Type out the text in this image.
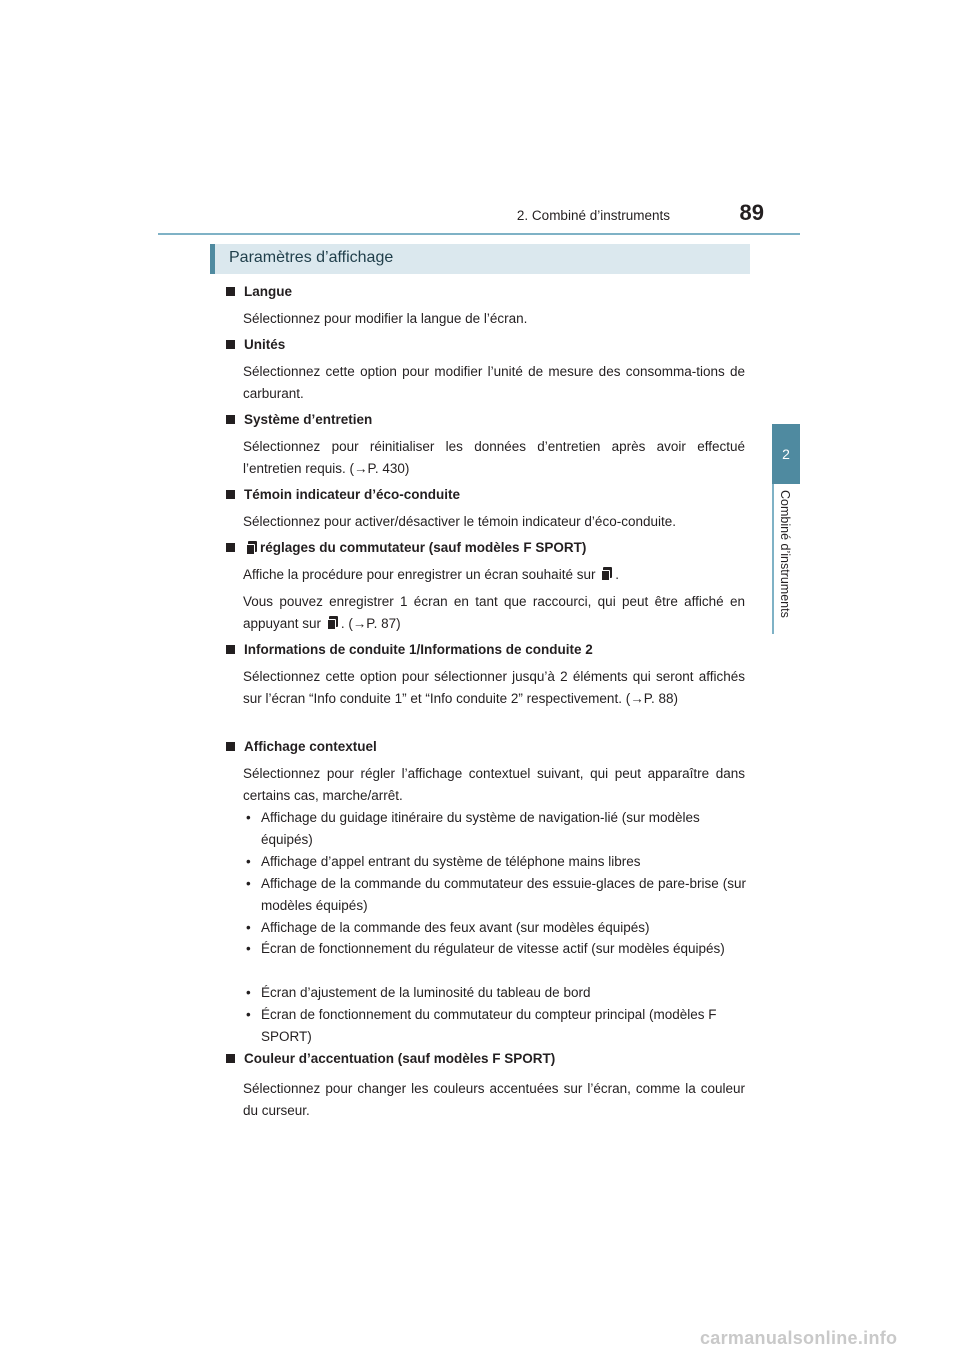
2. Combiné d’instruments	89
2
Combiné d’instruments
Paramètres d’affichage
Langue
Sélectionnez pour modifier la langue de l’écran.
Unités
Sélectionnez cette option pour modifier l’unité de mesure des consomma-tions de carburant.
Système d’entretien
Sélectionnez pour réinitialiser les données d’entretien après avoir effectué l’entretien requis. (→P. 430)
Témoin indicateur d’éco-conduite
Sélectionnez pour activer/désactiver le témoin indicateur d’éco-conduite.
réglages du commutateur (sauf modèles F SPORT)
Affiche la procédure pour enregistrer un écran souhaité sur .
Vous pouvez enregistrer 1 écran en tant que raccourci, qui peut être affiché en appuyant sur . (→P. 87)
Informations de conduite 1/Informations de conduite 2
Sélectionnez cette option pour sélectionner jusqu’à 2 éléments qui seront affichés sur l’écran “Info conduite 1” et “Info conduite 2” respectivement. (→P. 88)
Affichage contextuel
Sélectionnez pour régler l’affichage contextuel suivant, qui peut apparaître dans certains cas, marche/arrêt.
• Affichage du guidage itinéraire du système de navigation-lié (sur modèles équipés)
• Affichage d’appel entrant du système de téléphone mains libres
• Affichage de la commande du commutateur des essuie-glaces de pare-brise (sur modèles équipés)
• Affichage de la commande des feux avant (sur modèles équipés)
• Écran de fonctionnement du régulateur de vitesse actif (sur modèles équipés)
• Écran d’ajustement de la luminosité du tableau de bord
• Écran de fonctionnement du commutateur du compteur principal (modèles F SPORT)
Couleur d’accentuation (sauf modèles F SPORT)
Sélectionnez pour changer les couleurs accentuées sur l’écran, comme la couleur du curseur.
carmanualsonline.info
